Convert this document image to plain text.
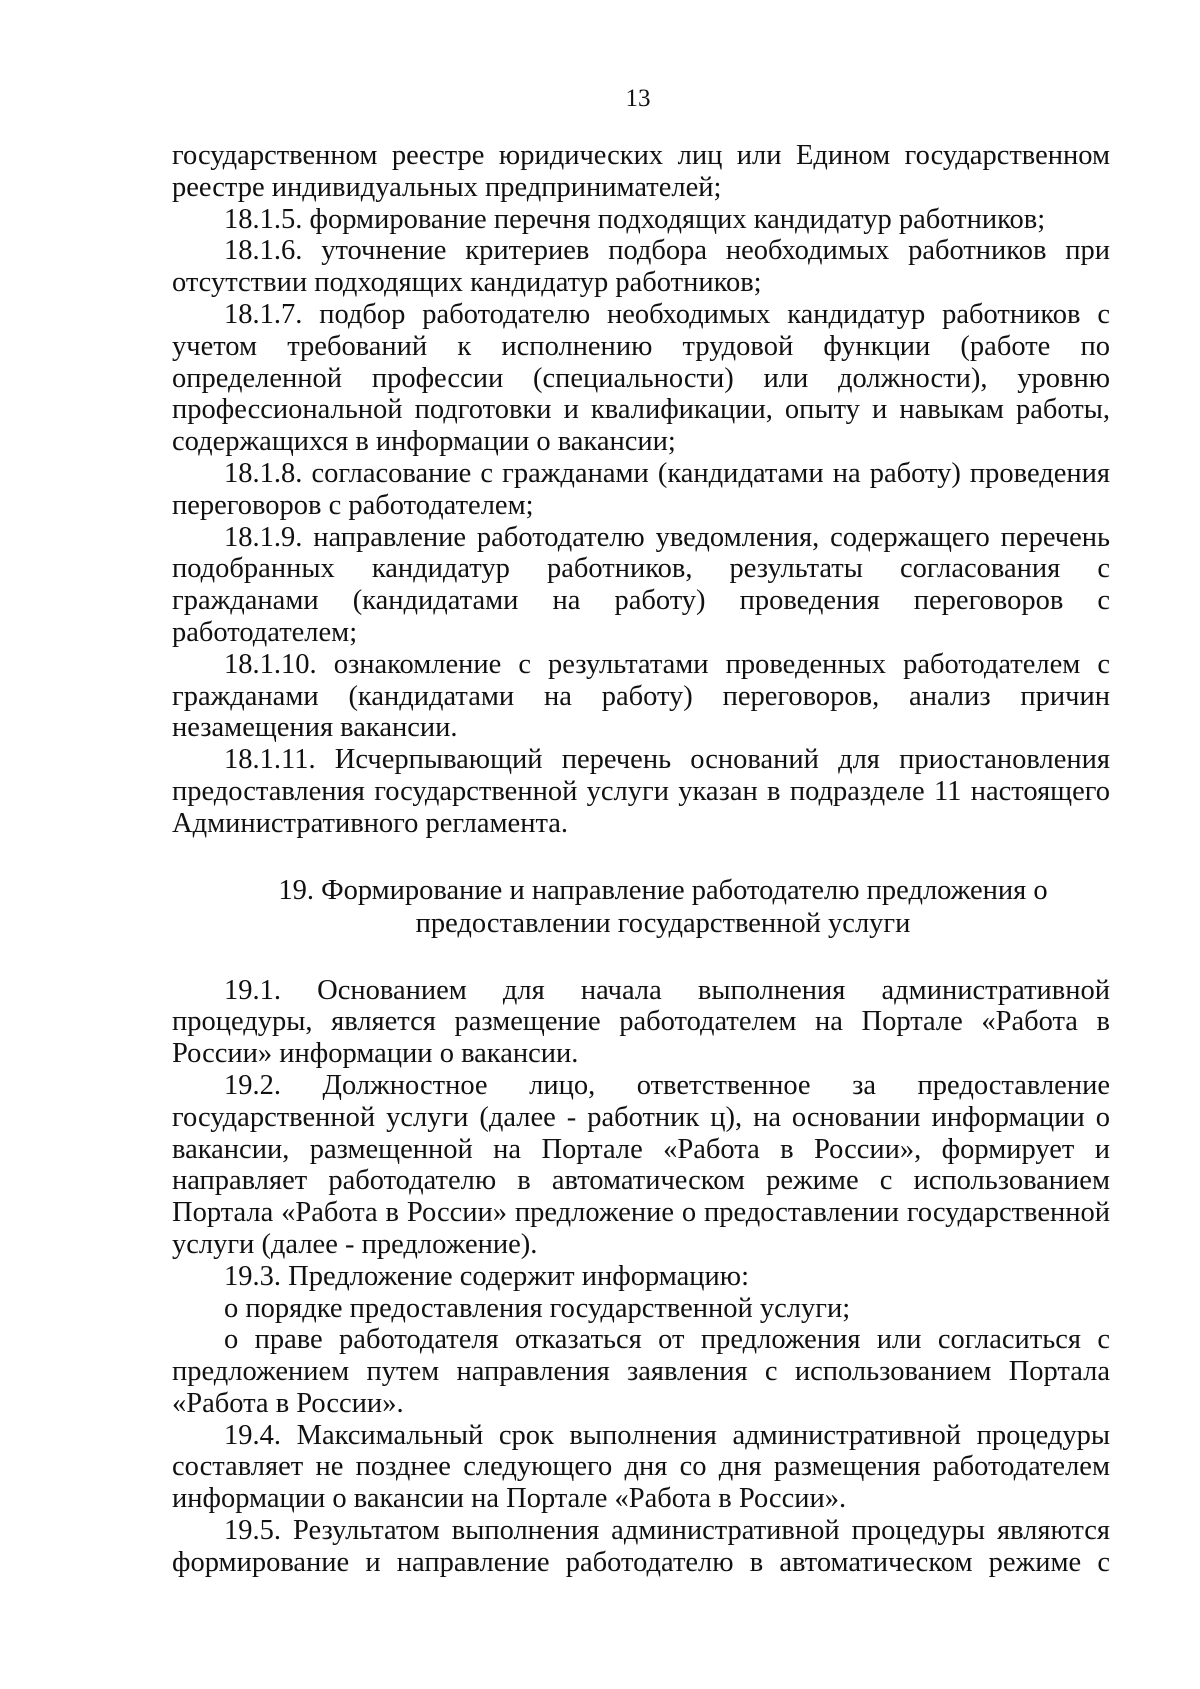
13

государственном реестре юридических лиц или Едином государственном реестре индивидуальных предпринимателей;

18.1.5. формирование перечня подходящих кандидатур работников;

18.1.6. уточнение критериев подбора необходимых работников при отсутствии подходящих кандидатур работников;

18.1.7. подбор работодателю необходимых кандидатур работников с учетом требований к исполнению трудовой функции (работе по определенной профессии (специальности) или должности), уровню профессиональной подготовки и квалификации, опыту и навыкам работы, содержащихся в информации о вакансии;

18.1.8. согласование с гражданами (кандидатами на работу) проведения переговоров с работодателем;

18.1.9. направление работодателю уведомления, содержащего перечень подобранных кандидатур работников, результаты согласования с гражданами (кандидатами на работу) проведения переговоров с работодателем;

18.1.10. ознакомление с результатами проведенных работодателем с гражданами (кандидатами на работу) переговоров, анализ причин незамещения вакансии.

18.1.11. Исчерпывающий перечень оснований для приостановления предоставления государственной услуги указан в подразделе 11 настоящего Административного регламента.

19. Формирование и направление работодателю предложения о
предоставлении государственной услуги

19.1. Основанием для начала выполнения административной процедуры, является размещение работодателем на Портале «Работа в России» информации о вакансии.

19.2. Должностное лицо, ответственное за предоставление государственной услуги (далее - работник ц), на основании информации о вакансии, размещенной на Портале «Работа в России», формирует и направляет работодателю в автоматическом режиме с использованием Портала «Работа в России» предложение о предоставлении государственной услуги (далее - предложение).

19.3. Предложение содержит информацию:

о порядке предоставления государственной услуги;

о праве работодателя отказаться от предложения или согласиться с предложением путем направления заявления с использованием Портала «Работа в России».

19.4. Максимальный срок выполнения административной процедуры составляет не позднее следующего дня со дня размещения работодателем информации о вакансии на Портале «Работа в России».

19.5. Результатом выполнения административной процедуры являются формирование и направление работодателю в автоматическом режиме с
